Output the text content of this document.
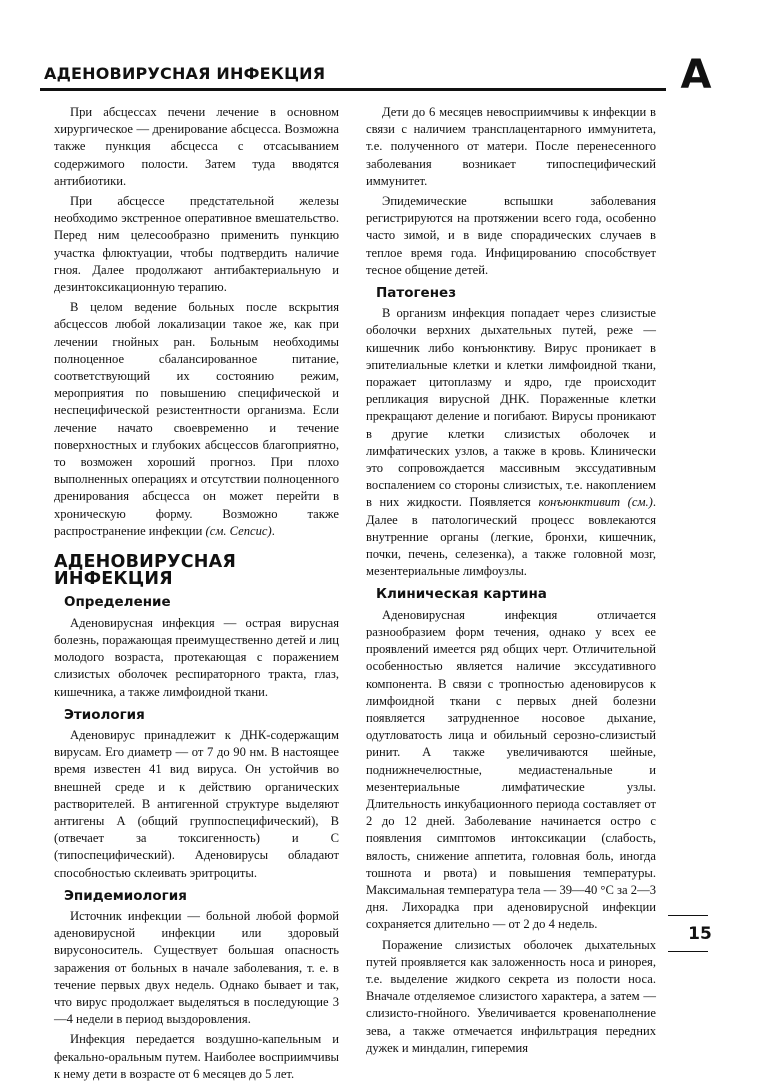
АДЕНОВИРУСНАЯ ИНФЕКЦИЯ	А

При абсцессах печени лечение в основном хирургическое — дренирование абсцесса. Возможна также пункция абсцесса с отсасыванием содержимого полости. Затем туда вводятся антибиотики.

При абсцессе предстательной железы необходимо экстренное оперативное вмешательство. Перед ним целесообразно применить пункцию участка флюктуации, чтобы подтвердить наличие гноя. Далее продолжают антибактериальную и дезинтоксикационную терапию.

В целом ведение больных после вскрытия абсцессов любой локализации такое же, как при лечении гнойных ран. Больным необходимы полноценное сбалансированное питание, соответствующий их состоянию режим, мероприятия по повышению специфической и неспецифической резистентности организма. Если лечение начато своевременно и течение поверхностных и глубоких абсцессов благоприятно, то возможен хороший прогноз. При плохо выполненных операциях и отсутствии полноценного дренирования абсцесса он может перейти в хроническую форму. Возможно также распространение инфекции (см. Сепсис).

АДЕНОВИРУСНАЯ ИНФЕКЦИЯ
Определение

Аденовирусная инфекция — острая вирусная болезнь, поражающая преимущественно детей и лиц молодого возраста, протекающая с поражением слизистых оболочек респираторного тракта, глаз, кишечника, а также лимфоидной ткани.

Этиология

Аденовирус принадлежит к ДНК-содержащим вирусам. Его диаметр — от 7 до 90 нм. В настоящее время известен 41 вид вируса. Он устойчив во внешней среде и к действию органических растворителей. В антигенной структуре выделяют антигены А (общий группоспецифический), В (отвечает за токсигенность) и С (типоспецифический). Аденовирусы обладают способностью склеивать эритроциты.

Эпидемиология

Источник инфекции — больной любой формой аденовирусной инфекции или здоровый вирусоноситель. Существует большая опасность заражения от больных в начале заболевания, т. е. в течение первых двух недель. Однако бывает и так, что вирус продолжает выделяться в последующие 3—4 недели в период выздоровления.

Инфекция передается воздушно-капельным и фекально-оральным путем. Наиболее восприимчивы к нему дети в возрасте от 6 месяцев до 5 лет.

Дети до 6 месяцев невосприимчивы к инфекции в связи с наличием трансплацентарного иммунитета, т.е. полученного от матери. После перенесенного заболевания возникает типоспецифический иммунитет.

Эпидемические вспышки заболевания регистрируются на протяжении всего года, особенно часто зимой, и в виде спорадических случаев в теплое время года. Инфицированию способствует тесное общение детей.

Патогенез

В организм инфекция попадает через слизистые оболочки верхних дыхательных путей, реже — кишечник либо конъюнктиву. Вирус проникает в эпителиальные клетки и клетки лимфоидной ткани, поражает цитоплазму и ядро, где происходит репликация вирусной ДНК. Пораженные клетки прекращают деление и погибают. Вирусы проникают в другие клетки слизистых оболочек и лимфатических узлов, а также в кровь. Клинически это сопровождается массивным экссудативным воспалением со стороны слизистых, т.е. накоплением в них жидкости. Появляется конъюнктивит (см.). Далее в патологический процесс вовлекаются внутренние органы (легкие, бронхи, кишечник, почки, печень, селезенка), а также головной мозг, мезентериальные лимфоузлы.

Клиническая картина

Аденовирусная инфекция отличается разнообразием форм течения, однако у всех ее проявлений имеется ряд общих черт. Отличительной особенностью является наличие экссудативного компонента. В связи с тропностью аденовирусов к лимфоидной ткани с первых дней болезни появляется затрудненное носовое дыхание, одутловатость лица и обильный серозно-слизистый ринит. А также увеличиваются шейные, поднижнечелюстные, медиастенальные и мезентериальные лимфатические узлы. Длительность инкубационного периода составляет от 2 до 12 дней. Заболевание начинается остро с появления симптомов интоксикации (слабость, вялость, снижение аппетита, головная боль, иногда тошнота и рвота) и повышения температуры. Максимальная температура тела — 39—40 °С за 2—3 дня. Лихорадка при аденовирусной инфекции сохраняется длительно — от 2 до 4 недель.

Поражение слизистых оболочек дыхательных путей проявляется как заложенность носа и ринорея, т.е. выделение жидкого секрета из полости носа. Вначале отделяемое слизистого характера, а затем — слизисто-гнойного. Увеличивается кровенаполнение зева, а также отмечается инфильтрация передних дужек и миндалин, гиперемия

15
